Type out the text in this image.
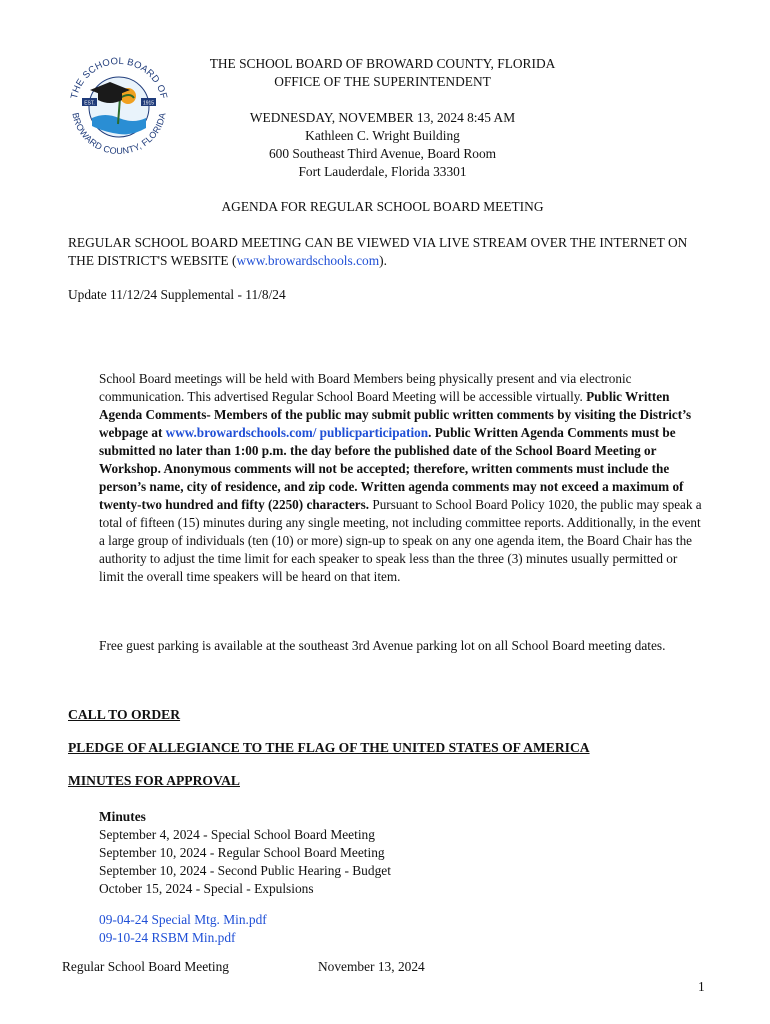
EST.	1915
THE SCHOOL BOARD OF
BROWARD COUNTY, FLORIDA
THE SCHOOL BOARD OF BROWARD COUNTY, FLORIDA
OFFICE OF THE SUPERINTENDENT
WEDNESDAY, NOVEMBER 13, 2024 8:45 AM
Kathleen C. Wright Building
600 Southeast Third Avenue, Board Room
Fort Lauderdale, Florida 33301
AGENDA FOR REGULAR SCHOOL BOARD MEETING

REGULAR SCHOOL BOARD MEETING CAN BE VIEWED VIA LIVE STREAM OVER THE INTERNET ON THE DISTRICT'S WEBSITE (www.browardschools.com).

Update 11/12/24 Supplemental - 11/8/24

School Board meetings will be held with Board Members being physically present and via electronic communication. This advertised Regular School Board Meeting will be accessible virtually. Public Written Agenda Comments- Members of the public may submit public written comments by visiting the District’s webpage at www.browardschools.com/ publicparticipation. Public Written Agenda Comments must be submitted no later than 1:00 p.m. the day before the published date of the School Board Meeting or Workshop. Anonymous comments will not be accepted; therefore, written comments must include the person’s name, city of residence, and zip code. Written agenda comments may not exceed a maximum of twenty-two hundred and fifty (2250) characters. Pursuant to School Board Policy 1020, the public may speak a total of fifteen (15) minutes during any single meeting, not including committee reports. Additionally, in the event a large group of individuals (ten (10) or more) sign-up to speak on any one agenda item, the Board Chair has the authority to adjust the time limit for each speaker to speak less than the three (3) minutes usually permitted or limit the overall time speakers will be heard on that item.

Free guest parking is available at the southeast 3rd Avenue parking lot on all School Board meeting dates.

CALL TO ORDER
PLEDGE OF ALLEGIANCE TO THE FLAG OF THE UNITED STATES OF AMERICA
MINUTES FOR APPROVAL
Minutes
September 4, 2024 - Special School Board Meeting
September 10, 2024 - Regular School Board Meeting
September 10, 2024 - Second Public Hearing - Budget
October 15, 2024 - Special - Expulsions
09-04-24 Special Mtg. Min.pdf
09-10-24 RSBM Min.pdf
Regular School Board Meeting	November 13, 2024
1
